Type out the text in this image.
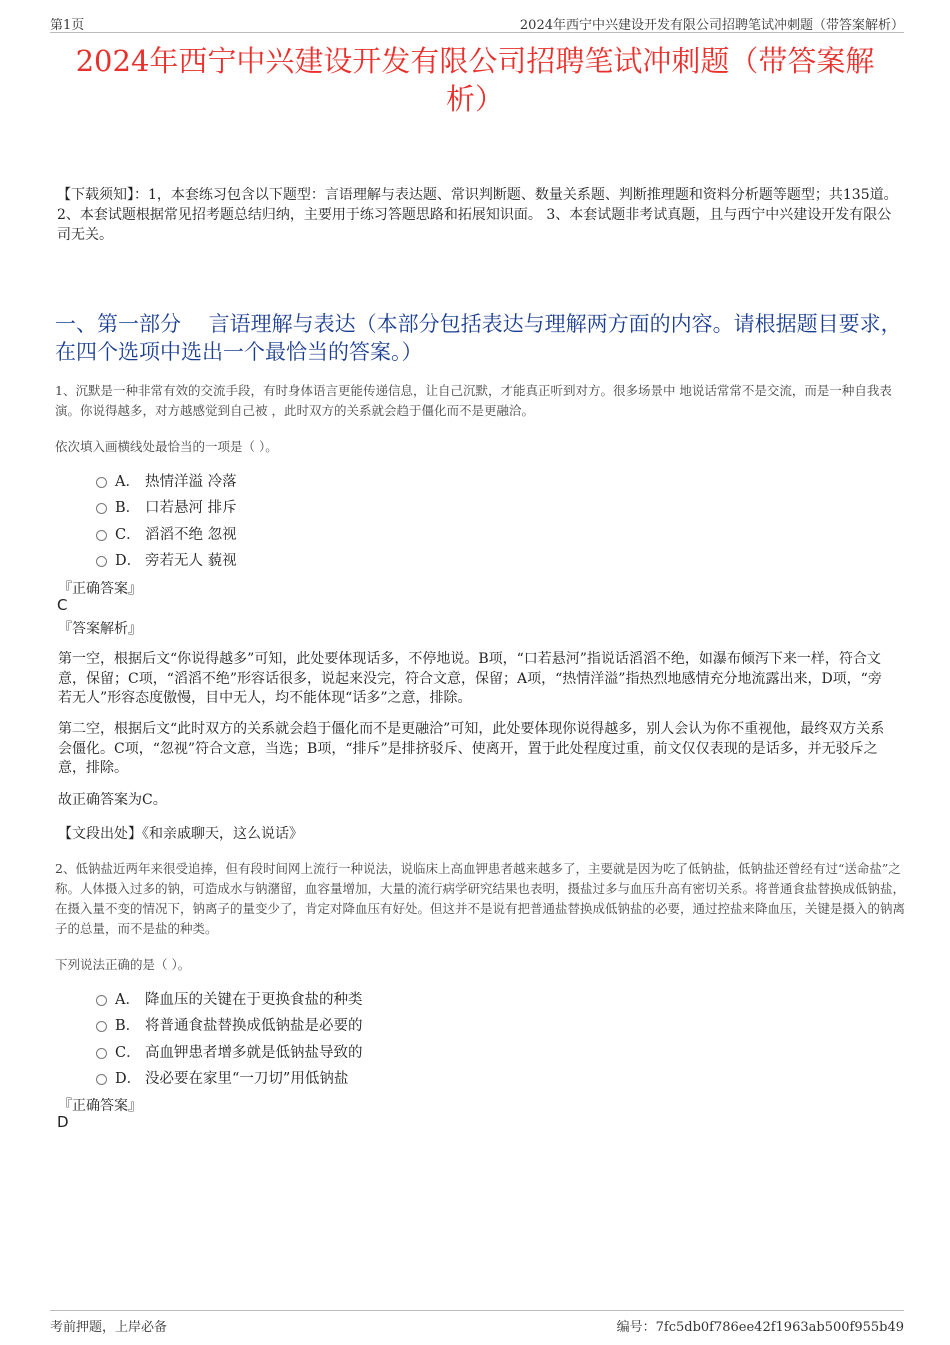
第1页	2024年西宁中兴建设开发有限公司招聘笔试冲刺题（带答案解析）
2024年西宁中兴建设开发有限公司招聘笔试冲刺题（带答案解析）
【下载须知】：1，本套练习包含以下题型：言语理解与表达题、常识判断题、数量关系题、判断推理题和资料分析题等题型；共135道。 2、本套试题根据常见招考题总结归纳，主要用于练习答题思路和拓展知识面。 3、本套试题非考试真题，且与西宁中兴建设开发有限公司无关。
一、第一部分　 言语理解与表达（本部分包括表达与理解两方面的内容。请根据题目要求，在四个选项中选出一个最恰当的答案。）
1、沉默是一种非常有效的交流手段，有时身体语言更能传递信息，让自己沉默，才能真正听到对方。很多场景中 地说话常常不是交流，而是一种自我表演。你说得越多，对方越感觉到自己被 ，此时双方的关系就会趋于僵化而不是更融洽。
依次填入画横线处最恰当的一项是（ ）。
A． 热情洋溢 冷落
B． 口若悬河 排斥
C． 滔滔不绝 忽视
D． 旁若无人 藐视
『正确答案』
C
『答案解析』
第一空，根据后文“你说得越多”可知，此处要体现话多，不停地说。B项，“口若悬河”指说话滔滔不绝，如瀑布倾泻下来一样，符合文意，保留；C项，“滔滔不绝”形容话很多，说起来没完，符合文意，保留；A项，“热情洋溢”指热烈地感情充分地流露出来，D项，“旁若无人”形容态度傲慢，目中无人，均不能体现“话多”之意，排除。
第二空，根据后文“此时双方的关系就会趋于僵化而不是更融洽”可知，此处要体现你说得越多，别人会认为你不重视他，最终双方关系会僵化。C项，“忽视”符合文意，当选；B项，“排斥”是排挤驳斥、使离开，置于此处程度过重，前文仅仅表现的是话多，并无驳斥之意，排除。
故正确答案为C。
【文段出处】《和亲戚聊天，这么说话》
2、低钠盐近两年来很受追捧，但有段时间网上流行一种说法，说临床上高血钾患者越来越多了，主要就是因为吃了低钠盐，低钠盐还曾经有过“送命盐”之称。人体摄入过多的钠，可造成水与钠潴留，血容量增加，大量的流行病学研究结果也表明，摄盐过多与血压升高有密切关系。将普通食盐替换成低钠盐，在摄入量不变的情况下，钠离子的量变少了，肯定对降血压有好处。但这并不是说有把普通盐替换成低钠盐的必要，通过控盐来降血压，关键是摄入的钠离子的总量，而不是盐的种类。
下列说法正确的是（ ）。
A． 降血压的关键在于更换食盐的种类
B． 将普通食盐替换成低钠盐是必要的
C． 高血钾患者增多就是低钠盐导致的
D． 没必要在家里“一刀切”用低钠盐
『正确答案』
D
考前押题，上岸必备	编号：7fc5db0f786ee42f1963ab500f955b49
